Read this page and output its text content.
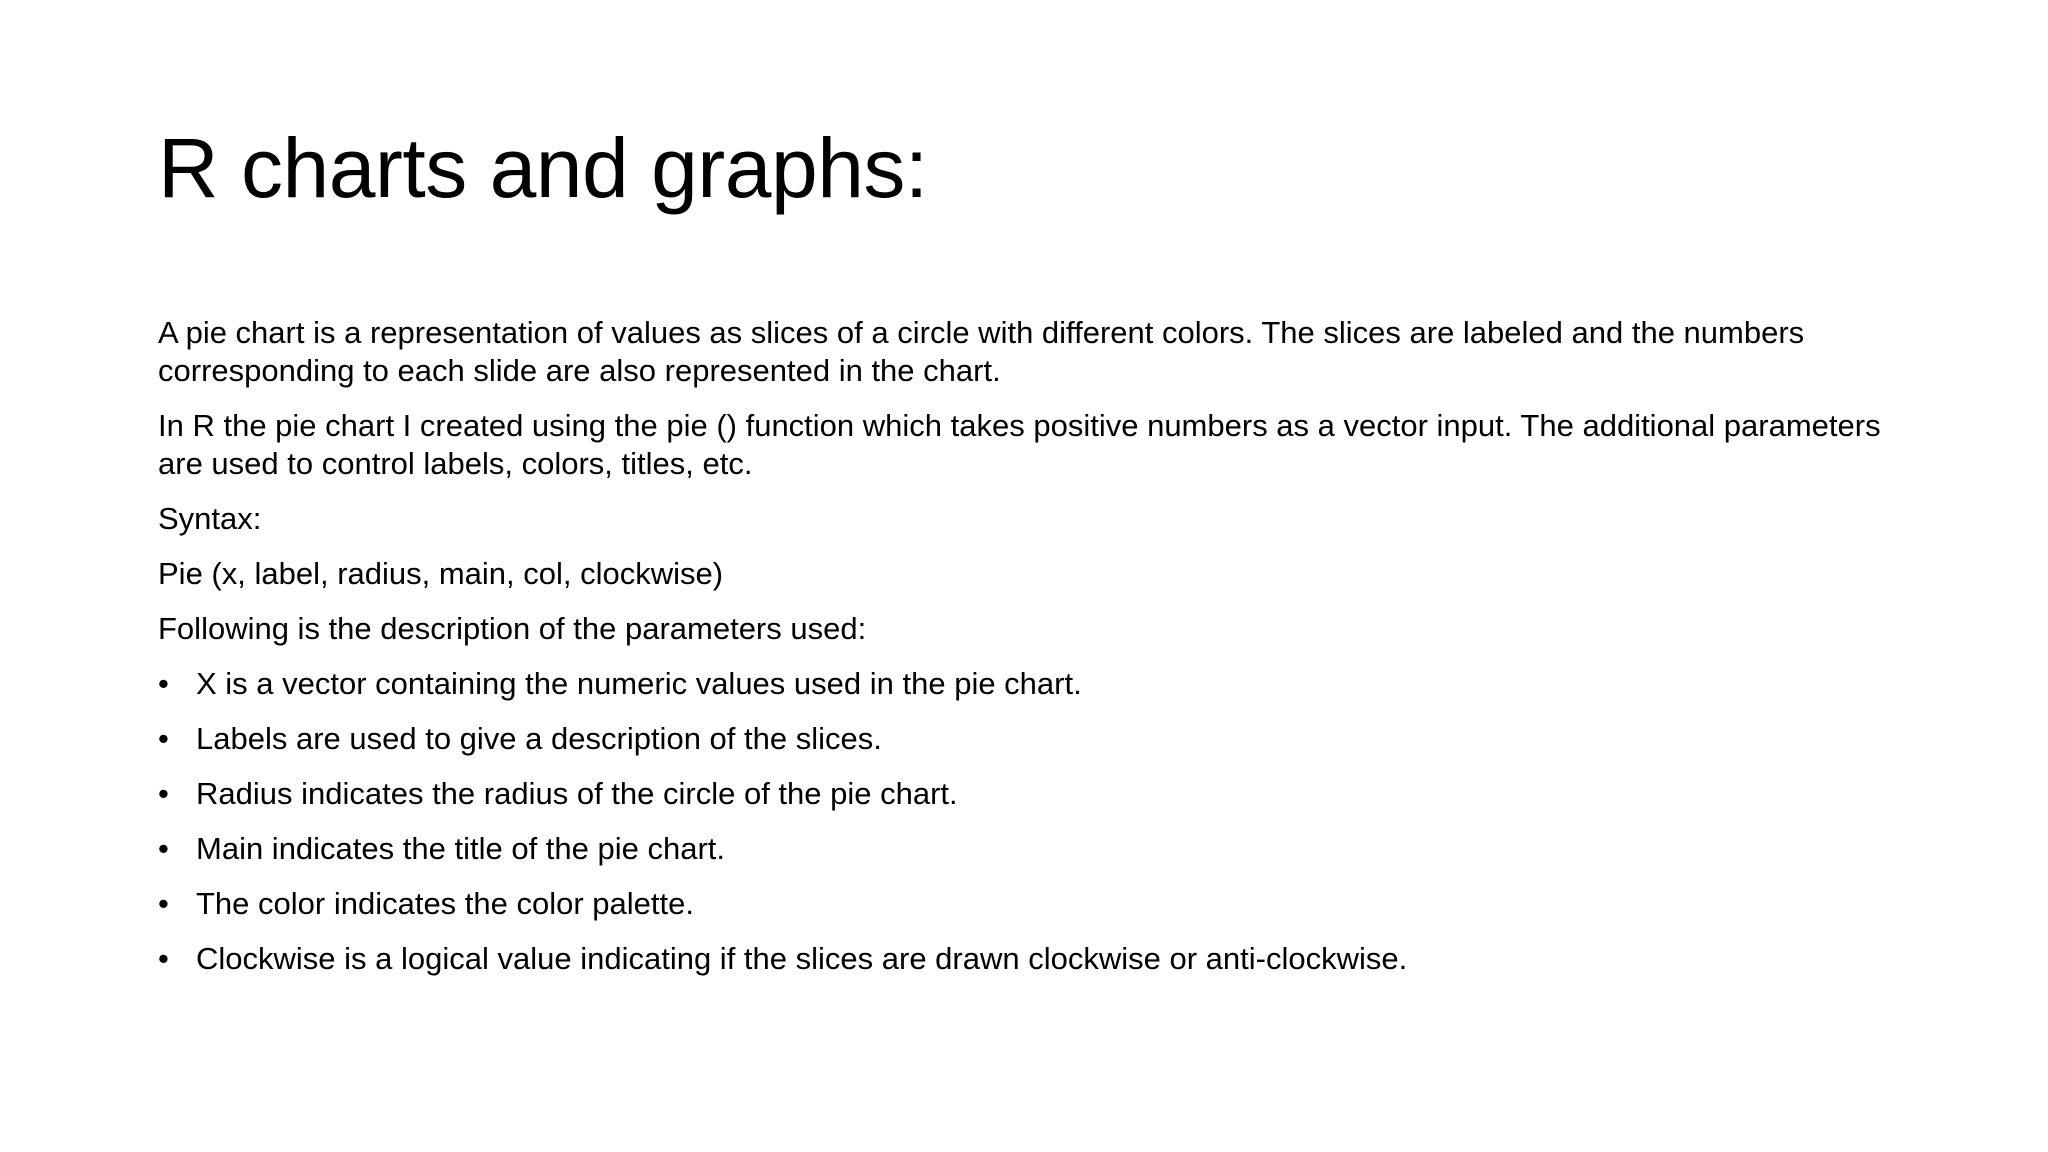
R charts and graphs:

A pie chart is a representation of values as slices of a circle with different colors. The slices are labeled and the numbers corresponding to each slide are also represented in the chart.

In R the pie chart I created using the pie () function which takes positive numbers as a vector input. The additional parameters are used to control labels, colors, titles, etc.

Syntax:

Pie (x, label, radius, main, col, clockwise)

Following is the description of the parameters used:

• X is a vector containing the numeric values used in the pie chart.
• Labels are used to give a description of the slices.
• Radius indicates the radius of the circle of the pie chart.
• Main indicates the title of the pie chart.
• The color indicates the color palette.
• Clockwise is a logical value indicating if the slices are drawn clockwise or anti-clockwise.
